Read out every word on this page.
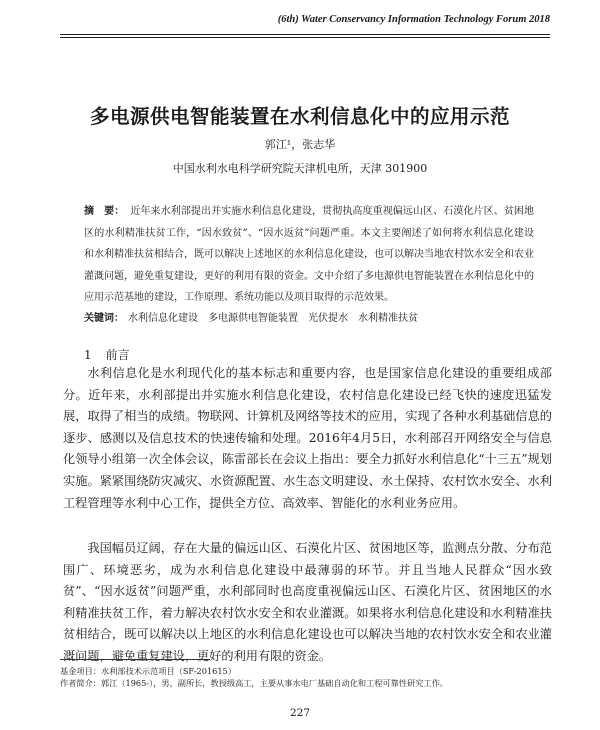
(6th) Water Conservancy Information Technology Forum 2018
多电源供电智能装置在水利信息化中的应用示范
郭江¹，张志华
中国水利水电科学研究院天津机电所，天津 301900
摘　要： 近年来水利部提出并实施水利信息化建设，贯彻执高度重视偏远山区、石漠化片区、贫困地区的水利精准扶贫工作，“因水致贫”、“因水返贫”问题严重。本文主要阐述了如何将水利信息化建设和水利精准扶贫相结合，既可以解决上述地区的水利信息化建设，也可以解决当地农村饮水安全和农业灌溉问题，避免重复建设，更好的利用有限的资金。文中介绍了多电源供电智能装置在水利信息化中的应用示范基地的建设，工作原理、系统功能以及项目取得的示范效果。
关键词： 水利信息化建设　多电源供电智能装置　光伏提水　水利精准扶贫
1 前言

水利信息化是水利现代化的基本标志和重要内容，也是国家信息化建设的重要组成部分。近年来，水利部提出并实施水利信息化建设，农村信息化建设已经飞快的速度迅猛发展，取得了相当的成绩。物联网、计算机及网络等技术的应用，实现了各种水利基础信息的逐步、感测以及信息技术的快速传输和处理。2016年4月5日，水利部召开网络安全与信息化领导小组第一次全体会议，陈雷部长在会议上指出：要全力抓好水利信息化“十三五”规划实施。紧紧围绕防灾减灾、水资源配置、水生态文明建设、水土保持、农村饮水安全、水利工程管理等水利中心工作，提供全方位、高效率、智能化的水利业务应用。

我国幅员辽阔，存在大量的偏远山区、石漠化片区、贫困地区等，监测点分散、分布范围广、环境恶劣，成为水利信息化建设中最薄弱的环节。并且当地人民群众“因水致贫”、“因水返贫”问题严重，水利部同时也高度重视偏远山区、石漠化片区、贫困地区的水利精准扶贫工作，着力解决农村饮水安全和农业灌溉。如果将水利信息化建设和水利精准扶贫相结合，既可以解决以上地区的水利信息化建设也可以解决当地的农村饮水安全和农业灌溉问题，避免重复建设，更好的利用有限的资金。

基金项目：水利部技术示范项目（SF-201615）
作者简介：郭江（1965-），男，副所长，教授级高工，主要从事水电厂基础自动化和工程可靠性研究工作。
227
